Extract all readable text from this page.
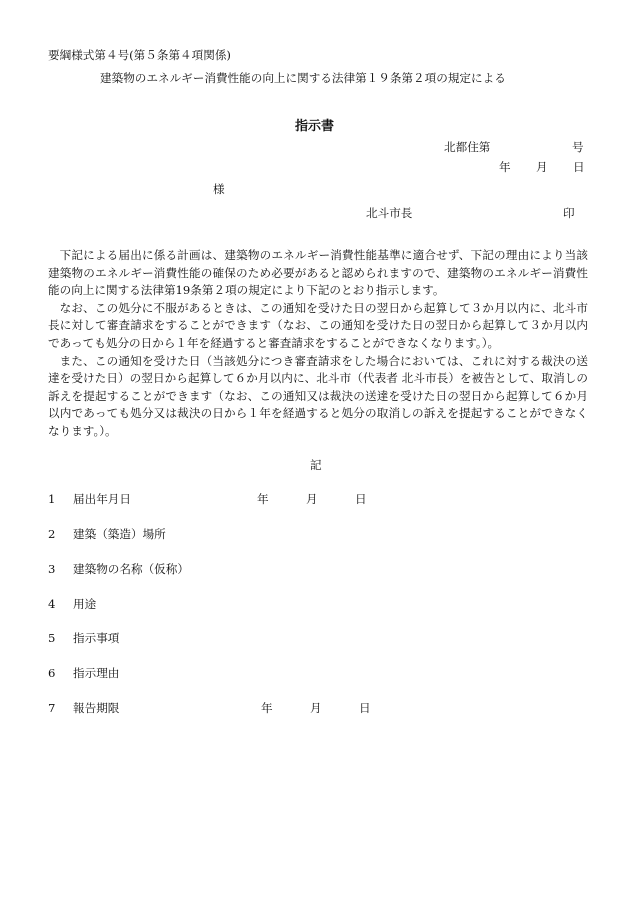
要綱様式第４号(第５条第４項関係)
建築物のエネルギー消費性能の向上に関する法律第１９条第２項の規定による
指示書
北都住第	号
年 月 日
様
北斗市長	印

下記による届出に係る計画は、建築物のエネルギー消費性能基準に適合せず、下記の理由により当該建築物のエネルギー消費性能の確保のため必要があると認められますので、建築物のエネルギー消費性能の向上に関する法律第19条第２項の規定により下記のとおり指示します。

なお、この処分に不服があるときは、この通知を受けた日の翌日から起算して３か月以内に、北斗市長に対して審査請求をすることができます（なお、この通知を受けた日の翌日から起算して３か月以内であっても処分の日から１年を経過すると審査請求をすることができなくなります。）。

また、この通知を受けた日（当該処分につき審査請求をした場合においては、これに対する裁決の送達を受けた日）の翌日から起算して６か月以内に、北斗市（代表者 北斗市長）を被告として、取消しの訴えを提起することができます（なお、この通知又は裁決の送達を受けた日の翌日から起算して６か月以内であっても処分又は裁決の日から１年を経過すると処分の取消しの訴えを提起することができなくなります。）。

記
1 届出年月日	年	月	日
2 建築（築造）場所
3 建築物の名称（仮称）
4 用途
5 指示事項
6 指示理由
7 報告期限	年	月	日
